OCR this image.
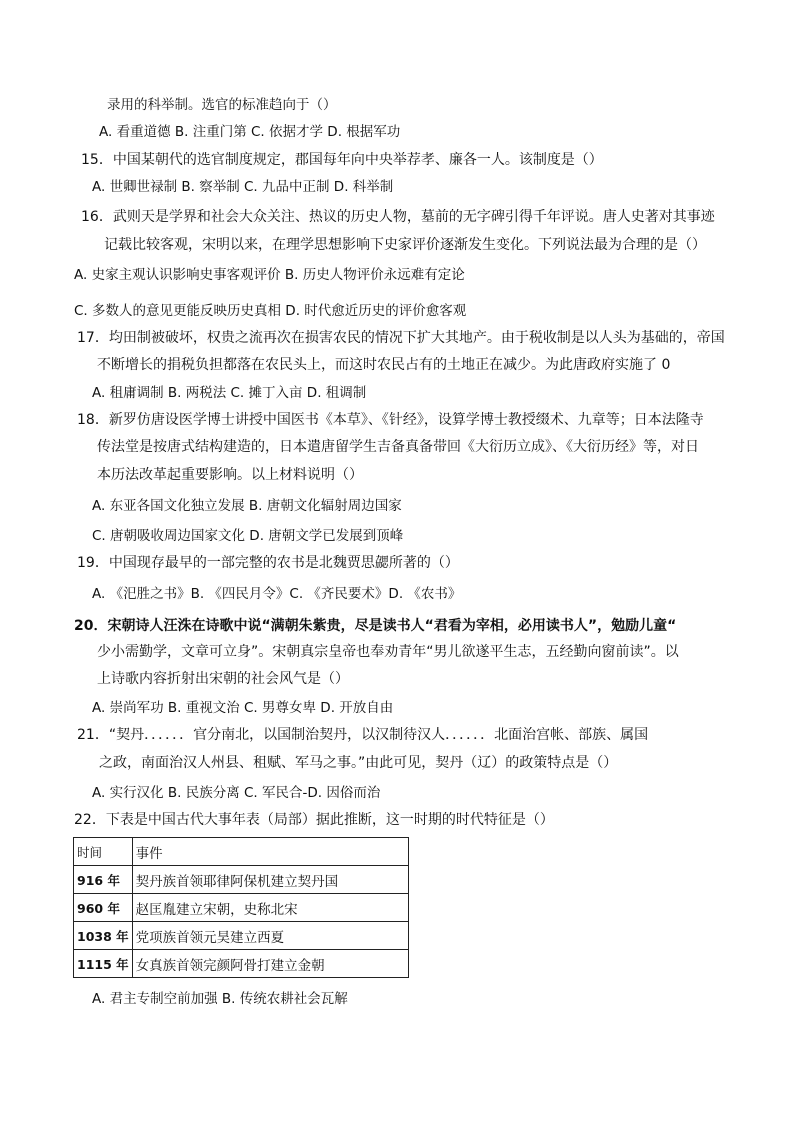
录用的科举制。选官的标准趋向于（）
A. 看重道德 B. 注重门第 C. 依据才学 D. 根据军功
15．中国某朝代的选官制度规定，郡国每年向中央举荐孝、廉各一人。该制度是（）
A. 世卿世禄制 B. 察举制 C. 九品中正制 D. 科举制
16．武则天是学界和社会大众关注、热议的历史人物，墓前的无字碑引得千年评说。唐人史著对其事迹
记载比较客观，宋明以来，在理学思想影响下史家评价逐渐发生变化。下列说法最为合理的是（）
A. 史家主观认识影响史事客观评价 B. 历史人物评价永远难有定论
C. 多数人的意见更能反映历史真相 D. 时代愈近历史的评价愈客观
17．均田制被破坏，权贵之流再次在损害农民的情况下扩大其地产。由于税收制是以人头为基础的，帝国
不断增长的捐税负担都落在农民头上，而这时农民占有的土地正在减少。为此唐政府实施了 0
A. 租庸调制 B. 两税法 C. 摊丁入亩 D. 租调制
18．新罗仿唐设医学博士讲授中国医书《本草》、《针经》，设算学博士教授缀术、九章等；日本法隆寺
传法堂是按唐式结构建造的，日本遣唐留学生吉备真备带回《大衍历立成》、《大衍历经》等，对日
本历法改革起重要影响。以上材料说明（）
A. 东亚各国文化独立发展 B. 唐朝文化辐射周边国家
C. 唐朝吸收周边国家文化 D. 唐朝文学已发展到顶峰
19．中国现存最早的一部完整的农书是北魏贾思勰所著的（）
A. 《汜胜之书》B. 《四民月令》C. 《齐民要术》D. 《农书》
20．宋朝诗人汪洙在诗歌中说“满朝朱紫贵，尽是读书人“君看为宰相，必用读书人”，勉励儿童“
少小需勤学，文章可立身”。宋朝真宗皇帝也奉劝青年“男儿欲遂平生志，五经勤向窗前读”。以
上诗歌内容折射出宋朝的社会风气是（）
A. 崇尚军功 B. 重视文治 C. 男尊女卑 D. 开放自由
21．“契丹．．．．．．官分南北，以国制治契丹，以汉制待汉人．．．．．．北面治宫帐、部族、属国
之政，南面治汉人州县、租赋、军马之事。”由此可见，契丹（辽）的政策特点是（）
A. 实行汉化 B. 民族分离 C. 军民合-D. 因俗而治
22．下表是中国古代大事年表（局部）据此推断，这一时期的时代特征是（）
时间	事件
916 年	契丹族首领耶律阿保机建立契丹国
960 年	赵匡胤建立宋朝，史称北宋
1038 年	党项族首领元昊建立西夏
1115 年	女真族首领完颜阿骨打建立金朝
A. 君主专制空前加强 B. 传统农耕社会瓦解
